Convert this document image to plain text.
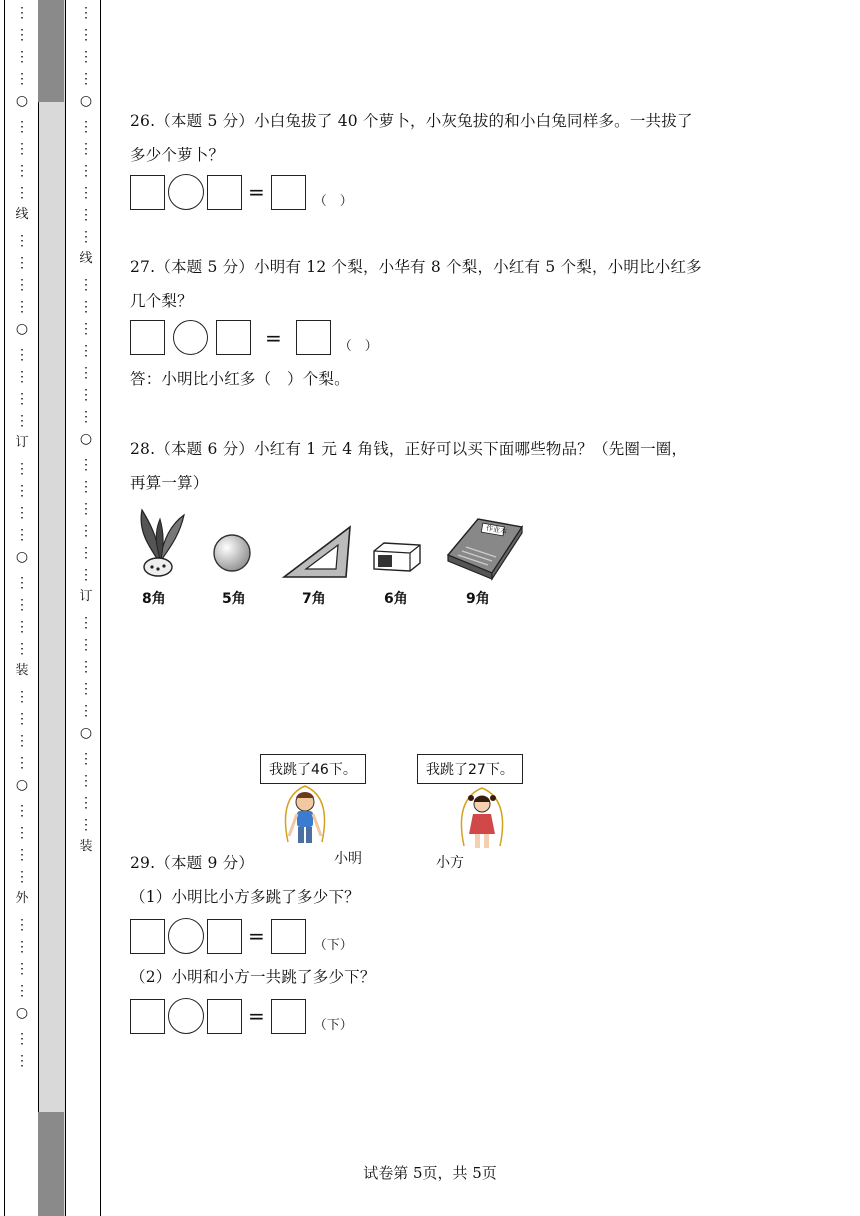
⋮
⋮
⋮
⋮
○
⋮
⋮
⋮
⋮
线
⋮
⋮
⋮
⋮
○
⋮
⋮
⋮
⋮
订
⋮
⋮
⋮
⋮
○
⋮
⋮
⋮
⋮
装
⋮
⋮
⋮
⋮
○
⋮
⋮
⋮
⋮
外
⋮
⋮
⋮
⋮
○
⋮
⋮
⋮
⋮
⋮
⋮
○
⋮
⋮
⋮
⋮
⋮
⋮
线
⋮
⋮
⋮
⋮
⋮
⋮
⋮
○
⋮
⋮
⋮
⋮
⋮
⋮
订
⋮
⋮
⋮
⋮
⋮
○
⋮
⋮
⋮
⋮
装
26.（本题 5 分）小白兔拔了 40 个萝卜，小灰兔拔的和小白兔同样多。一共拔了
多少个萝卜？
=	（　）
27.（本题 5 分）小明有 12 个梨，小华有 8 个梨，小红有 5 个梨，小明比小红多
几个梨？
=	（　）
答：小明比小红多（　）个梨。
28.（本题 6 分）小红有 1 元 4 角钱，正好可以买下面哪些物品？（先圈一圈，
再算一算）
8角	5角	7角	6角
作业本
9角
我跳了46下。
小明
我跳了27下。
小方
29.（本题 9 分）
（1）小明比小方多跳了多少下？
=	（下）
（2）小明和小方一共跳了多少下？
=	（下）
试卷第 5页，共 5页
